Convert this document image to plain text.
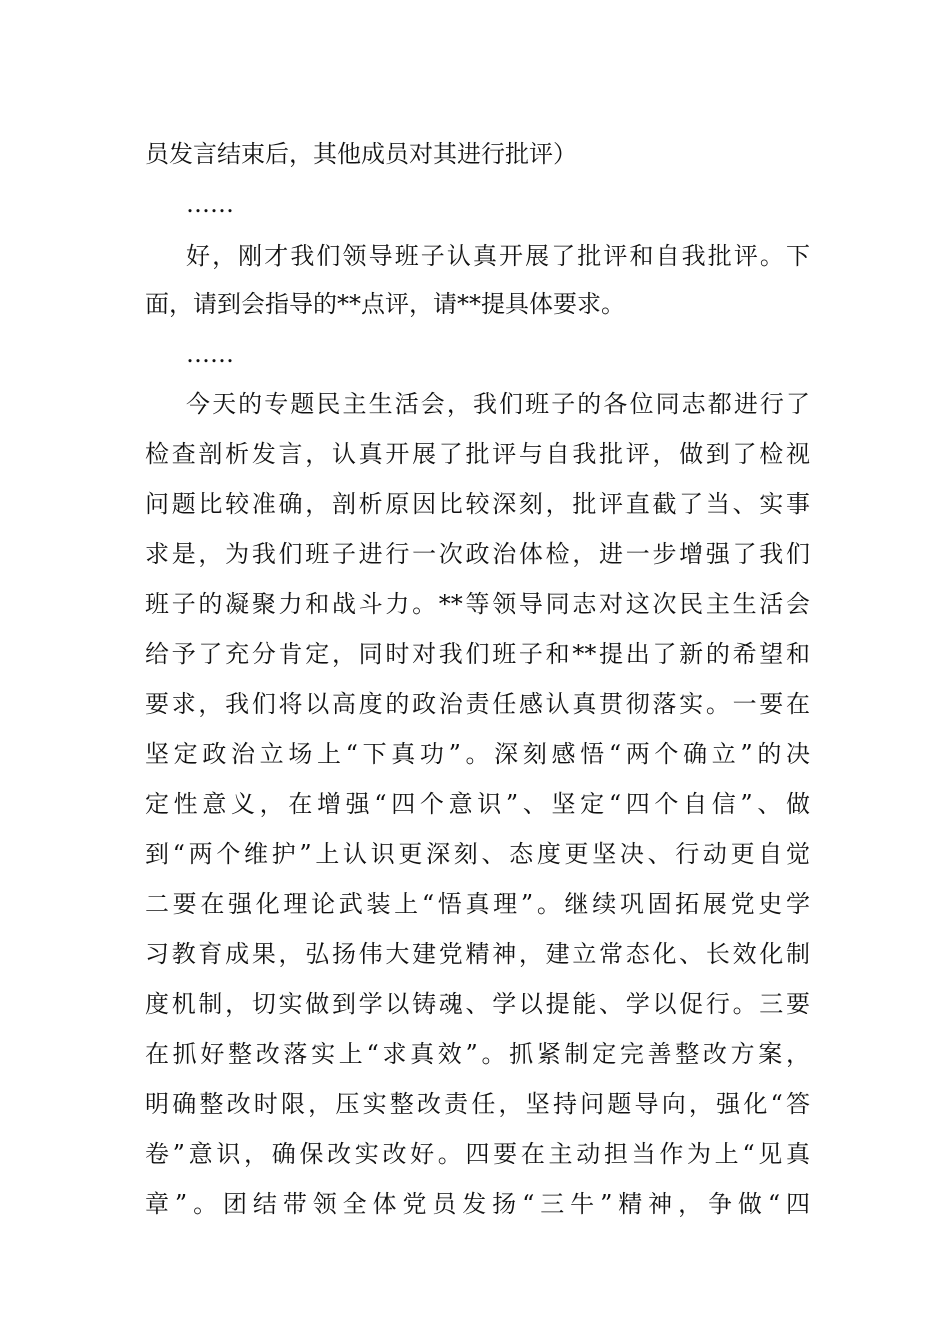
员发言结束后，其他成员对其进行批评）
……
好，刚才我们领导班子认真开展了批评和自我批评。下
面，请到会指导的**点评，请**提具体要求。
……
今天的专题民主生活会，我们班子的各位同志都进行了
检查剖析发言，认真开展了批评与自我批评，做到了检视
问题比较准确，剖析原因比较深刻，批评直截了当、实事
求是，为我们班子进行一次政治体检，进一步增强了我们
班子的凝聚力和战斗力。**等领导同志对这次民主生活会
给予了充分肯定，同时对我们班子和**提出了新的希望和
要求，我们将以高度的政治责任感认真贯彻落实。一要在
坚定政治立场上“下真功”。深刻感悟“两个确立”的决
定性意义，在增强“四个意识”、坚定“四个自信”、做
到“两个维护”上认识更深刻、态度更坚决、行动更自觉
二要在强化理论武装上“悟真理”。继续巩固拓展党史学
习教育成果，弘扬伟大建党精神，建立常态化、长效化制
度机制，切实做到学以铸魂、学以提能、学以促行。三要
在抓好整改落实上“求真效”。抓紧制定完善整改方案，
明确整改时限，压实整改责任，坚持问题导向，强化“答
卷”意识，确保改实改好。四要在主动担当作为上“见真
章”。团结带领全体党员发扬“三牛”精神，争做“四
